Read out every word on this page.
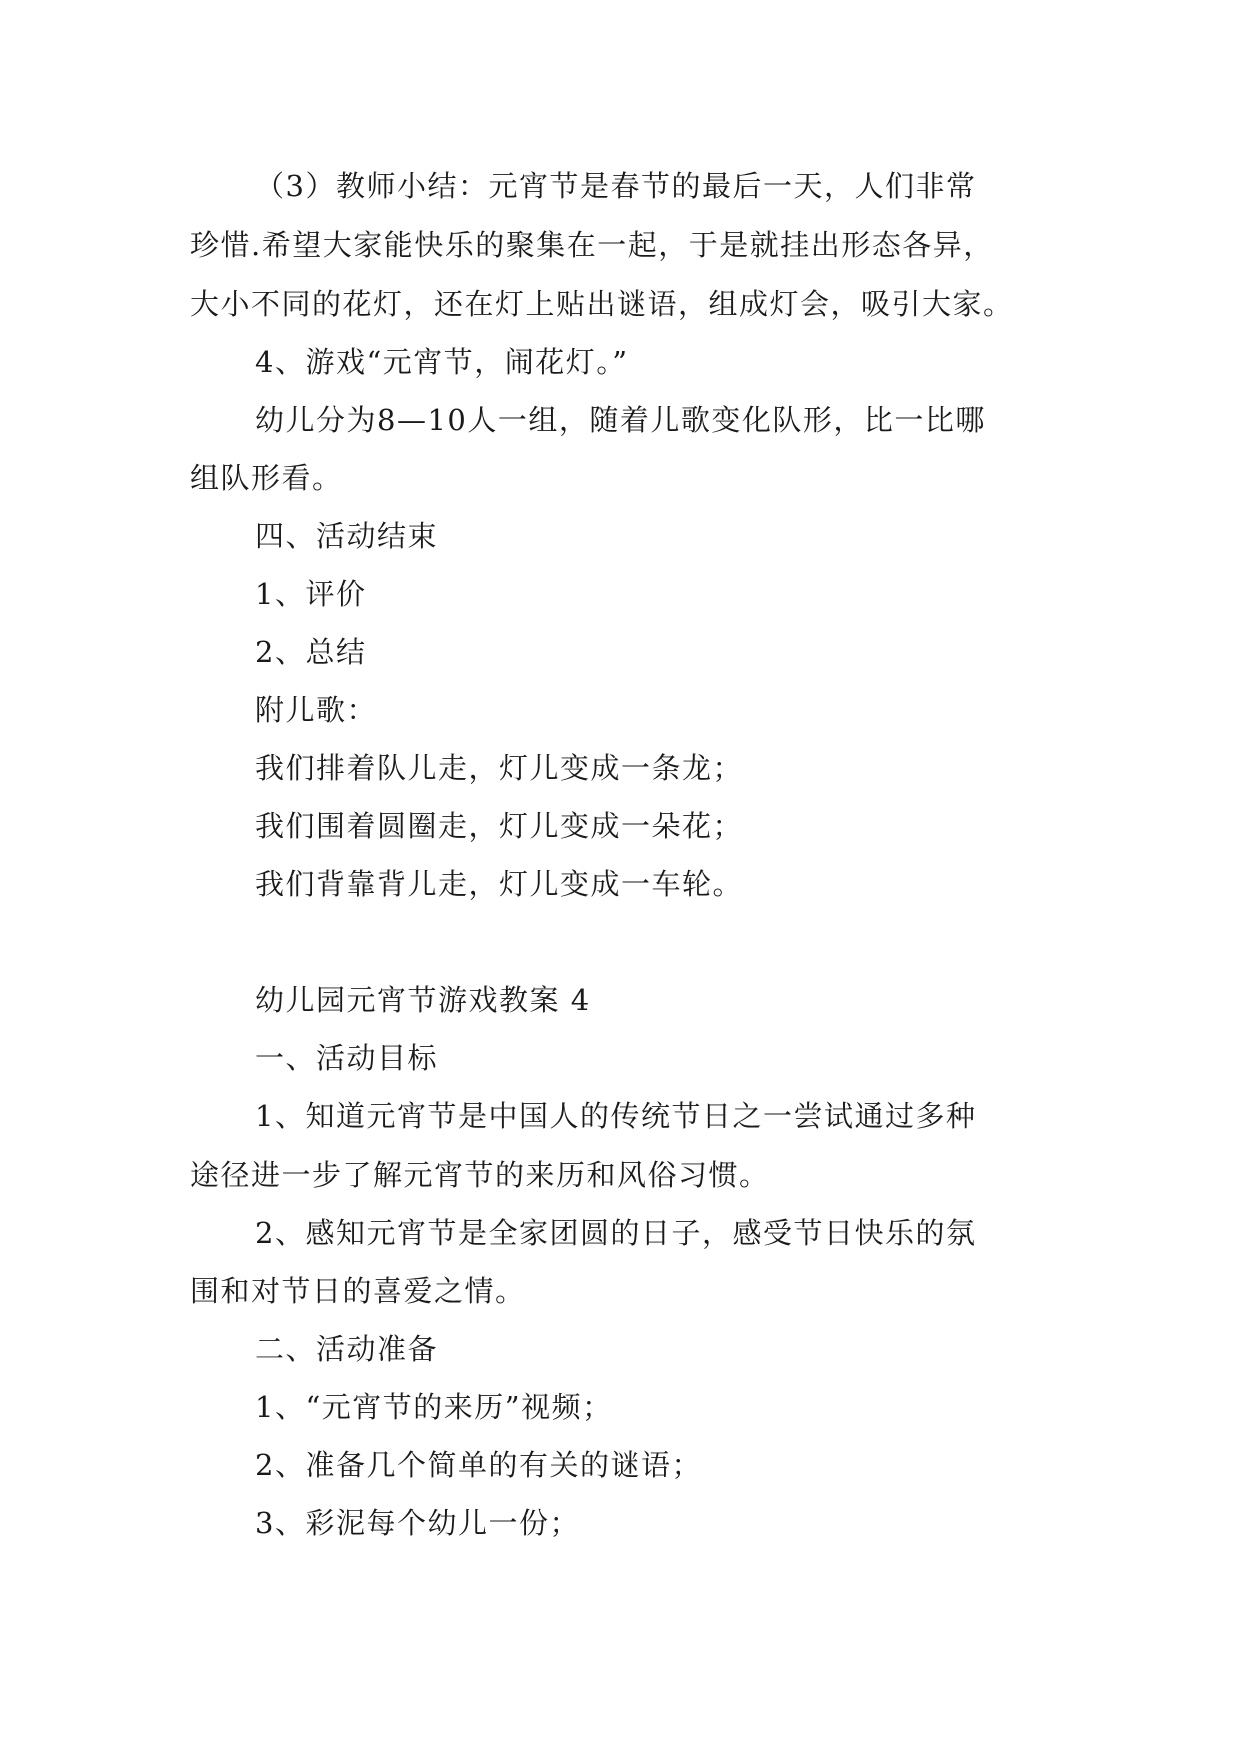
（3）教师小结：元宵节是春节的最后一天，人们非常

珍惜.希望大家能快乐的聚集在一起，于是就挂出形态各异，

大小不同的花灯，还在灯上贴出谜语，组成灯会，吸引大家。

4、游戏“元宵节，闹花灯。”

幼儿分为8—10人一组，随着儿歌变化队形，比一比哪

组队形看。

四、活动结束

1、评价

2、总结

附儿歌：

我们排着队儿走，灯儿变成一条龙；

我们围着圆圈走，灯儿变成一朵花；

我们背靠背儿走，灯儿变成一车轮。

幼儿园元宵节游戏教案 4

一、活动目标

1、知道元宵节是中国人的传统节日之一尝试通过多种

途径进一步了解元宵节的来历和风俗习惯。

2、感知元宵节是全家团圆的日子，感受节日快乐的氛

围和对节日的喜爱之情。

二、活动准备

1、“元宵节的来历”视频；

2、准备几个简单的有关的谜语；

3、彩泥每个幼儿一份；
